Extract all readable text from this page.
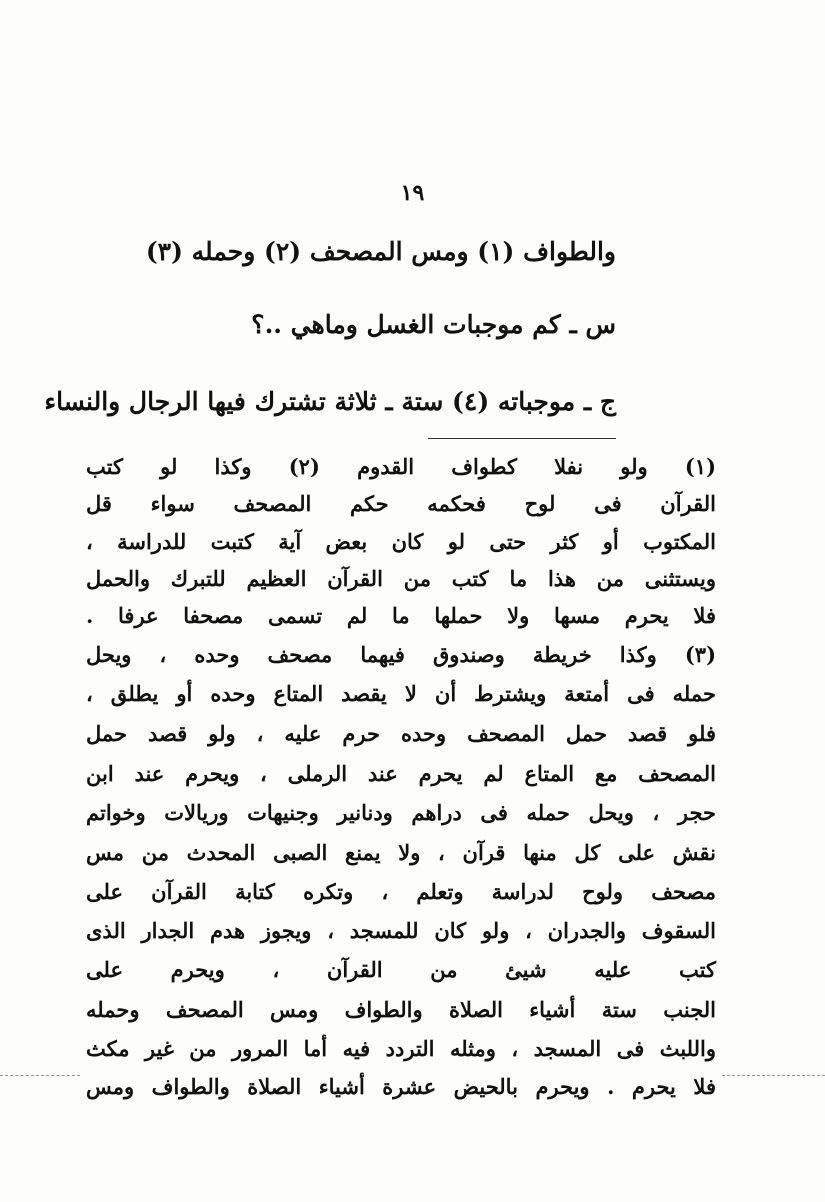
١٩
والطواف (١) ومس المصحف (٢) وحمله (٣)
س ـ كم موجبات الغسل وماهي ..؟
ج ـ موجباته (٤) ستة ـ ثلاثة تشترك فيها الرجال والنساء
(١) ولو نفلا كطواف القدوم (٢) وكذا لو كتب
القرآن فى لوح فحكمه حكم المصحف سواء قل
المكتوب أو كثر حتى لو كان بعض آية كتبت للدراسة ،
ويستثنى من هذا ما كتب من القرآن العظيم للتبرك والحمل
فلا يحرم مسها ولا حملها ما لم تسمى مصحفا عرفا .
(٣) وكذا خريطة وصندوق فيهما مصحف وحده ، ويحل
حمله فى أمتعة ويشترط أن لا يقصد المتاع وحده أو يطلق ،
فلو قصد حمل المصحف وحده حرم عليه ، ولو قصد حمل
المصحف مع المتاع لم يحرم عند الرملى ، ويحرم عند ابن
حجر ، ويحل حمله فى دراهم ودنانير وجنيهات وريالات وخواتم
نقش على كل منها قرآن ، ولا يمنع الصبى المحدث من مس
مصحف ولوح لدراسة وتعلم ، وتكره كتابة القرآن على
السقوف والجدران ، ولو كان للمسجد ، ويجوز هدم الجدار الذى
كتب عليه شيئ من القرآن ، ويحرم على
الجنب ستة أشياء الصلاة والطواف ومس المصحف وحمله
واللبث فى المسجد ، ومثله التردد فيه أما المرور من غير مكث
فلا يحرم . ويحرم بالحيض عشرة أشياء الصلاة والطواف ومس
